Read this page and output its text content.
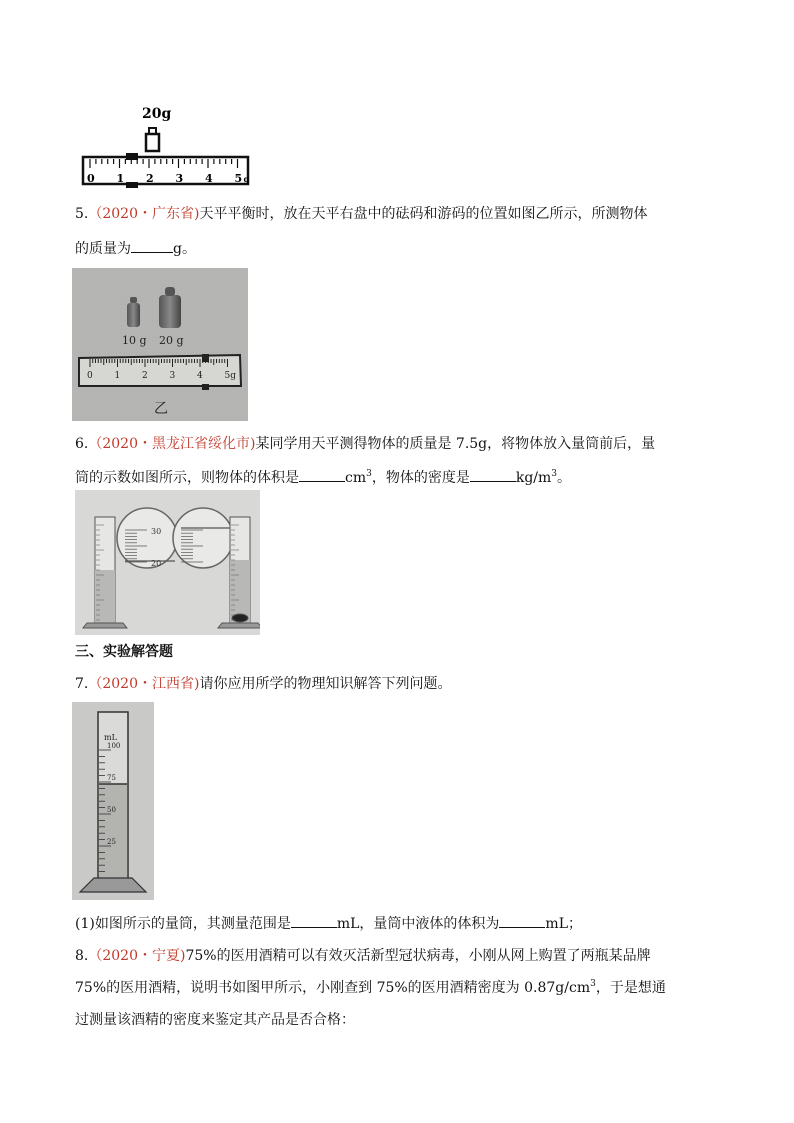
20g
0 1 2 3 4 5 g
5.（2020・广东省)天平平衡时，放在天平右盘中的砝码和游码的位置如图乙所示，所测物体
的质量为	g。
10 g 20 g
0 1 2 3 4 5g
乙
6.（2020・黑龙江省绥化市)某同学用天平测得物体的质量是 7.5g，将物体放入量筒前后，量
筒的示数如图所示，则物体的体积是	$cm^3$，物体的密度是	$kg/m^3$。
30
20
三、实验解答题
7.（2020・江西省)请你应用所学的物理知识解答下列问题。
100
75
50
25
mL
(1)如图所示的量筒，其测量范围是	mL，量筒中液体的体积为	mL；
8.（2020・宁夏)75%的医用酒精可以有效灭活新型冠状病毒，小刚从网上购置了两瓶某品牌
75%的医用酒精，说明书如图甲所示，小刚查到 75%的医用酒精密度为 $0.87g/cm^3$，于是想通
过测量该酒精的密度来鉴定其产品是否合格：
